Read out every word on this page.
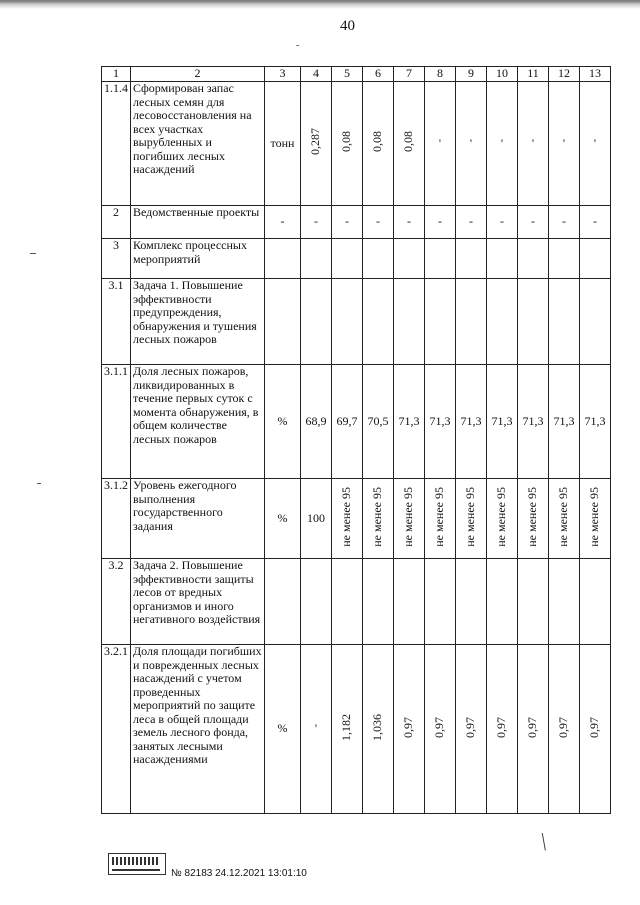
40
-
1	2	3	4	5	6	7	8	9	10	11	12	13
1.1.4	Сформирован запас лесных семян для лесовосстановления на всех участках вырубленных и погибших лесных насаждений	тонн	0,287	0,08	0,08	0,08	'	'	'	'	'	'
2	Ведомственные проекты	-	-	-	-	-	-	-	-	-	-	-
3	Комплекс процессных мероприятий											
3.1	Задача 1. Повышение эффективности предупреждения, обнаружения и тушения лесных пожаров											
3.1.1	Доля лесных пожаров, ликвидированных в течение первых суток с момента обнаружения, в общем количестве лесных пожаров	%	68,9	69,7	70,5	71,3	71,3	71,3	71,3	71,3	71,3	71,3
3.1.2	Уровень ежегодного выполнения государственного задания	%	100	не менее 95	не менее 95	не менее 95	не менее 95	не менее 95	не менее 95	не менее 95	не менее 95	не менее 95
3.2	Задача 2. Повышение эффективности защиты лесов от вредных организмов и иного негативного воздействия											
3.2.1	Доля площади погибших и поврежденных лесных насаждений с учетом проведенных мероприятий по защите леса в общей площади земель лесного фонда, занятых лесными насаждениями	%	'	1,182	1,036	0,97	0,97	0,97	0,97	0,97	0,97	0,97
№ 82183 24.12.2021 13:01:10
⟍
